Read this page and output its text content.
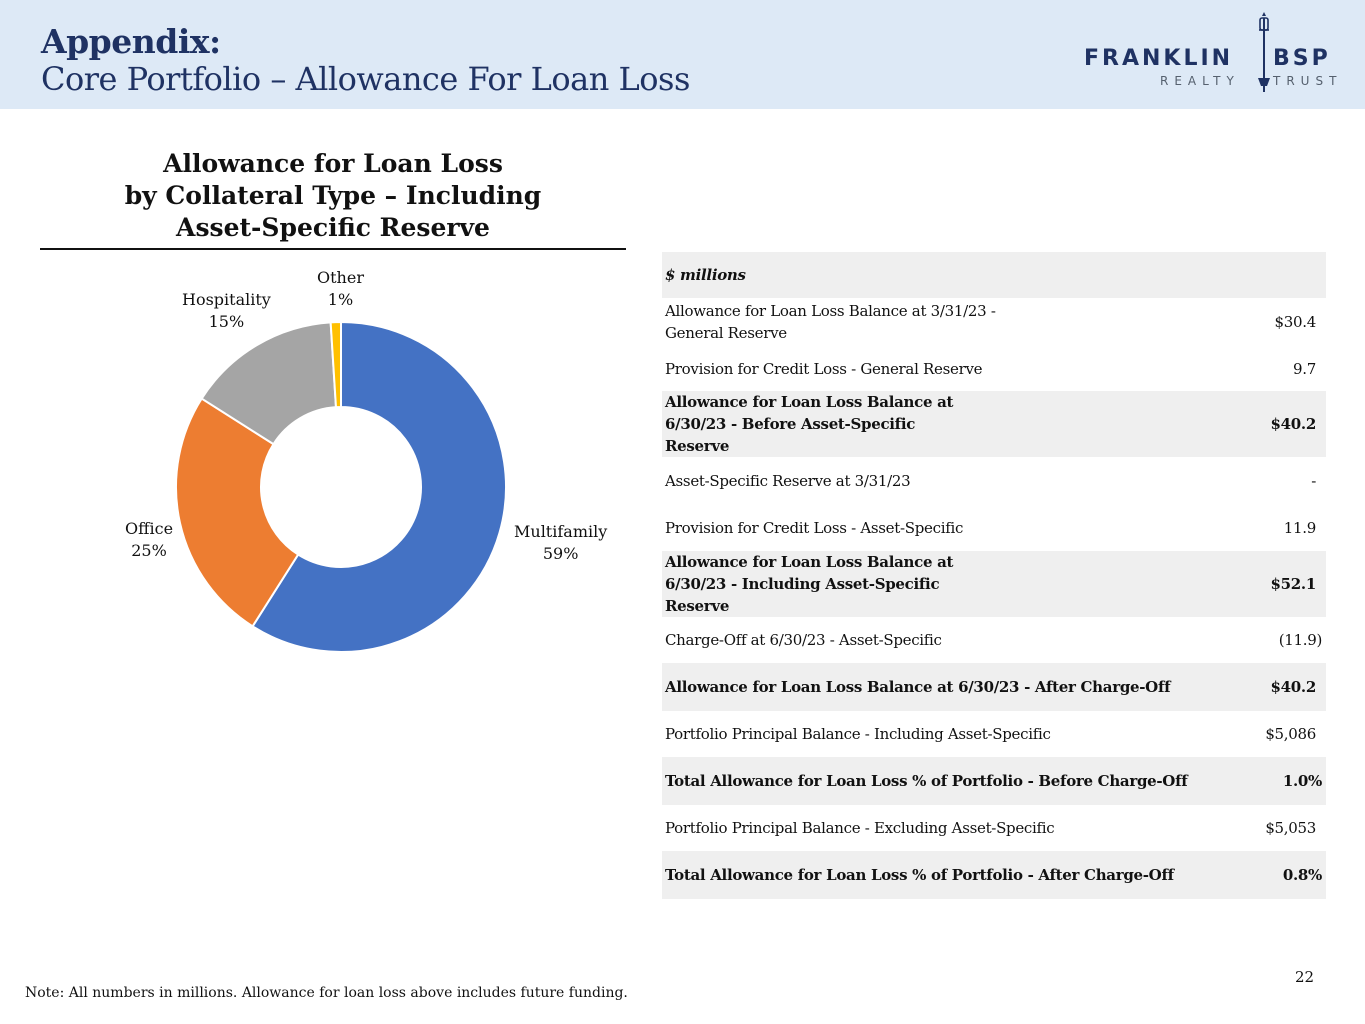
Appendix:
Core Portfolio – Allowance For Loan Loss
FRANKLIN BSP
REALTY	TRUST
Allowance for Loan Loss
by Collateral Type – Including
Asset-Specific Reserve
Multifamily
59%
Office
25%
Hospitality
15%
Other
1%
$ millions	
Allowance for Loan Loss Balance at 3/31/23 - General Reserve	$30.4
Provision for Credit Loss - General Reserve	9.7
Allowance for Loan Loss Balance at 6/30/23 - Before Asset-Specific Reserve	$40.2
Asset-Specific Reserve at 3/31/23	-
Provision for Credit Loss - Asset-Specific	11.9
Allowance for Loan Loss Balance at 6/30/23 - Including Asset-Specific Reserve	$52.1
Charge-Off at 6/30/23 - Asset-Specific	(11.9)
Allowance for Loan Loss Balance at 6/30/23 - After Charge-Off	$40.2
Portfolio Principal Balance - Including Asset-Specific	$5,086
Total Allowance for Loan Loss % of Portfolio - Before Charge-Off	1.0%
Portfolio Principal Balance - Excluding Asset-Specific	$5,053
Total Allowance for Loan Loss % of Portfolio - After Charge-Off	0.8%
Note: All numbers in millions. Allowance for loan loss above includes future funding.
22
